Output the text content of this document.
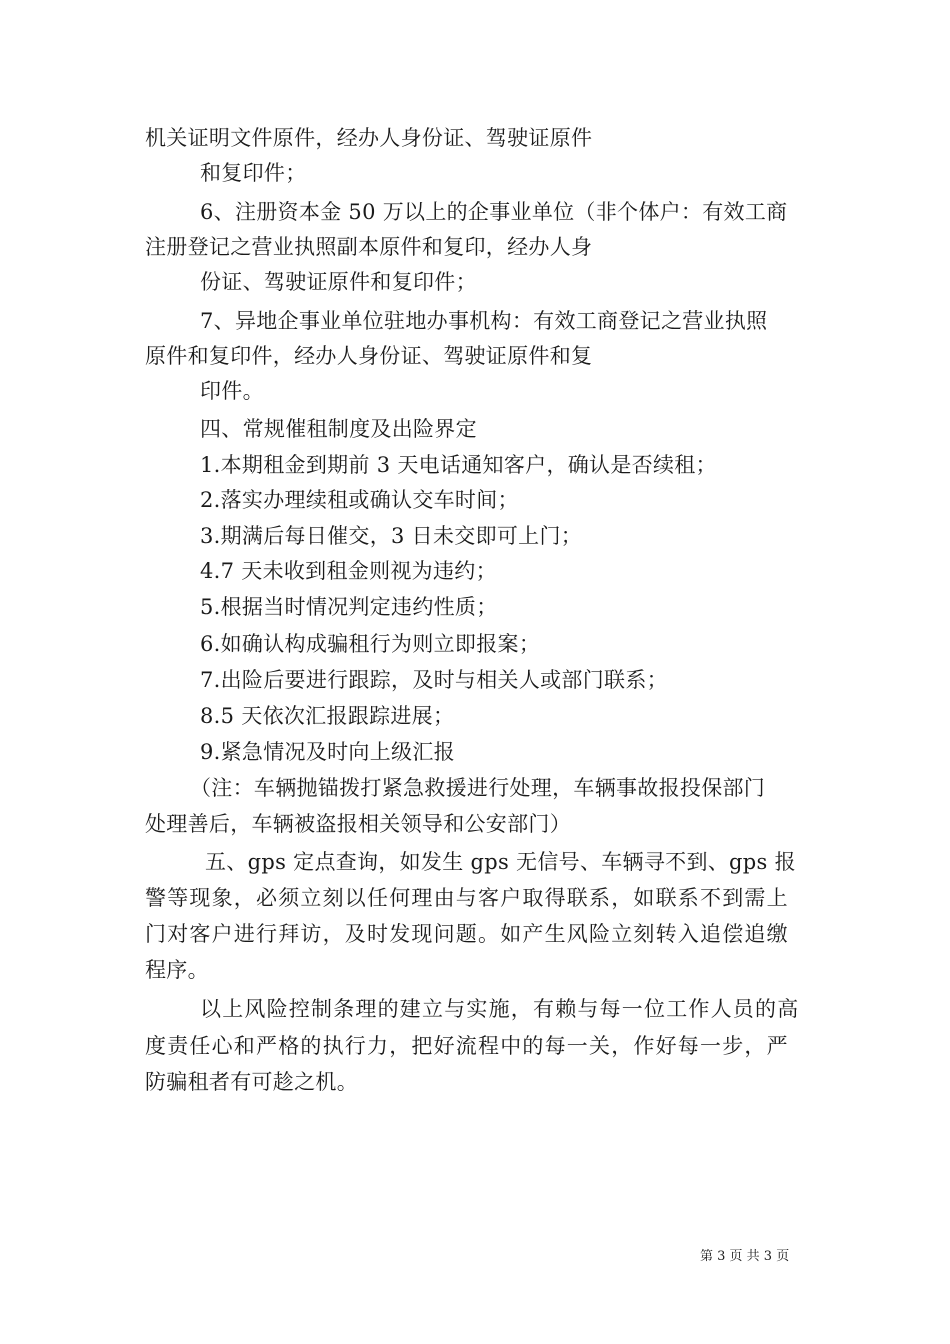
机关证明文件原件，经办人身份证、驾驶证原件
和复印件；
6、注册资本金 50 万以上的企事业单位（非个体户：有效工商
注册登记之营业执照副本原件和复印，经办人身
份证、驾驶证原件和复印件；
7、异地企事业单位驻地办事机构：有效工商登记之营业执照
原件和复印件，经办人身份证、驾驶证原件和复
印件。
四、常规催租制度及出险界定
1.本期租金到期前 3 天电话通知客户，确认是否续租；
2.落实办理续租或确认交车时间；
3.期满后每日催交，3 日未交即可上门；
4.7 天未收到租金则视为违约；
5.根据当时情况判定违约性质；
6.如确认构成骗租行为则立即报案；
7.出险后要进行跟踪，及时与相关人或部门联系；
8.5 天依次汇报跟踪进展；
9.紧急情况及时向上级汇报
（注：车辆抛锚拨打紧急救援进行处理，车辆事故报投保部门
处理善后，车辆被盗报相关领导和公安部门）
五、gps 定点查询，如发生 gps 无信号、车辆寻不到、gps 报
警等现象，必须立刻以任何理由与客户取得联系，如联系不到需上
门对客户进行拜访，及时发现问题。如产生风险立刻转入追偿追缴
程序。
以上风险控制条理的建立与实施，有赖与每一位工作人员的高
度责任心和严格的执行力，把好流程中的每一关，作好每一步，严
防骗租者有可趁之机。
第 3 页 共 3 页
